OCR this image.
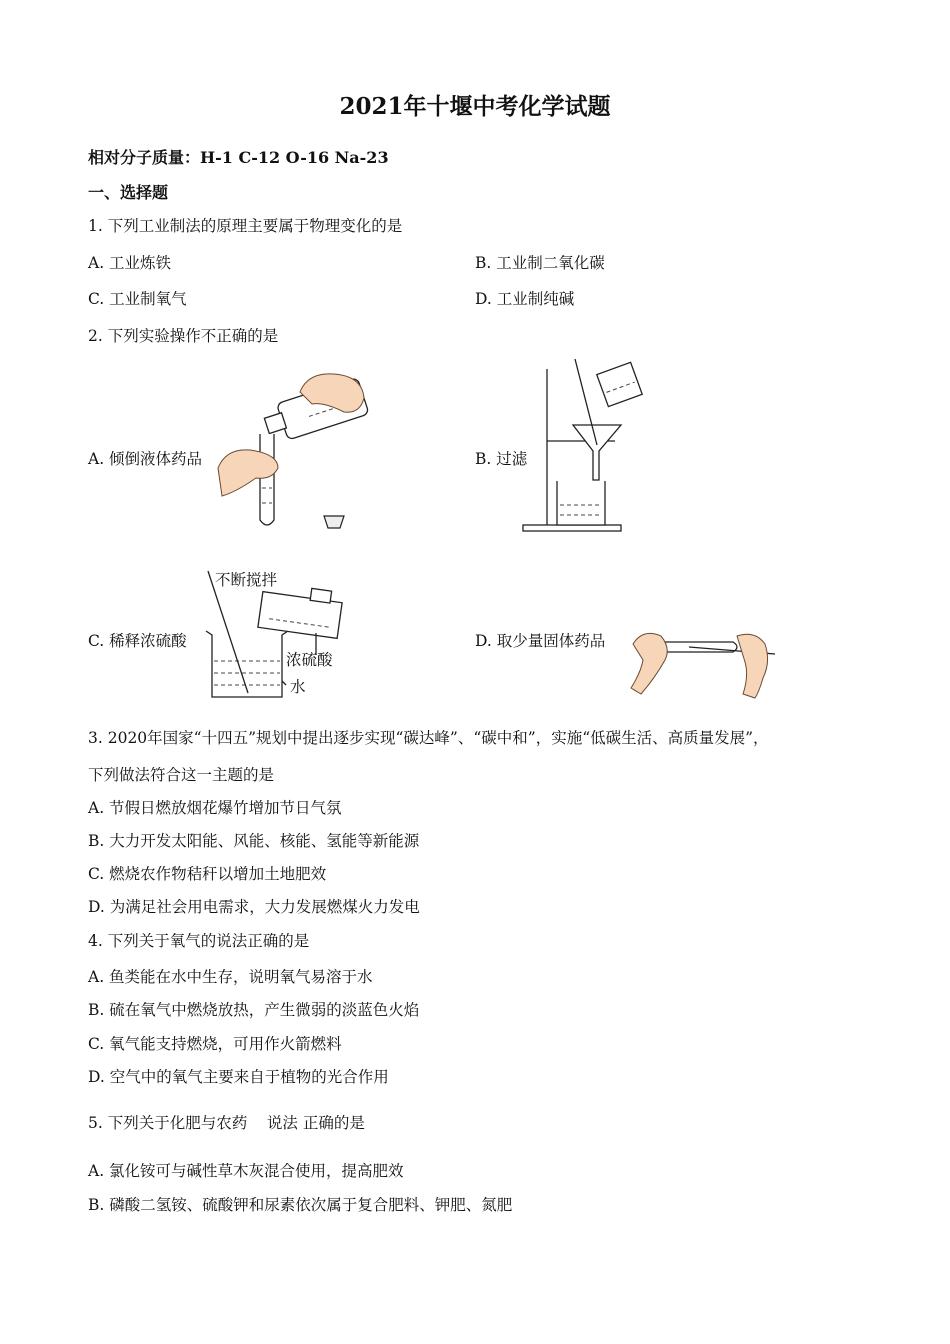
2021年十堰中考化学试题
相对分子质量：H-1 C-12 O-16 Na-23
一、选择题
1. 下列工业制法的原理主要属于物理变化的是
A. 工业炼铁	B. 工业制二氧化碳
C. 工业制氧气	D. 工业制纯碱
2. 下列实验操作不正确的是
A. 倾倒液体药品	B. 过滤
C. 稀释浓硫酸	D. 取少量固体药品
不断搅拌
浓硫酸
水
3. 2020年国家“十四五”规划中提出逐步实现“碳达峰”、“碳中和”，实施“低碳生活、高质量发展”，
下列做法符合这一主题的是
A. 节假日燃放烟花爆竹增加节日气氛
B. 大力开发太阳能、风能、核能、氢能等新能源
C. 燃烧农作物秸秆以增加土地肥效
D. 为满足社会用电需求，大力发展燃煤火力发电
4. 下列关于氧气的说法正确的是
A. 鱼类能在水中生存，说明氧气易溶于水
B. 硫在氧气中燃烧放热，产生微弱的淡蓝色火焰
C. 氧气能支持燃烧，可用作火箭燃料
D. 空气中的氧气主要来自于植物的光合作用
5. 下列关于化肥与农药    说法 正确的是
A. 氯化铵可与碱性草木灰混合使用，提高肥效
B. 磷酸二氢铵、硫酸钾和尿素依次属于复合肥料、钾肥、氮肥
